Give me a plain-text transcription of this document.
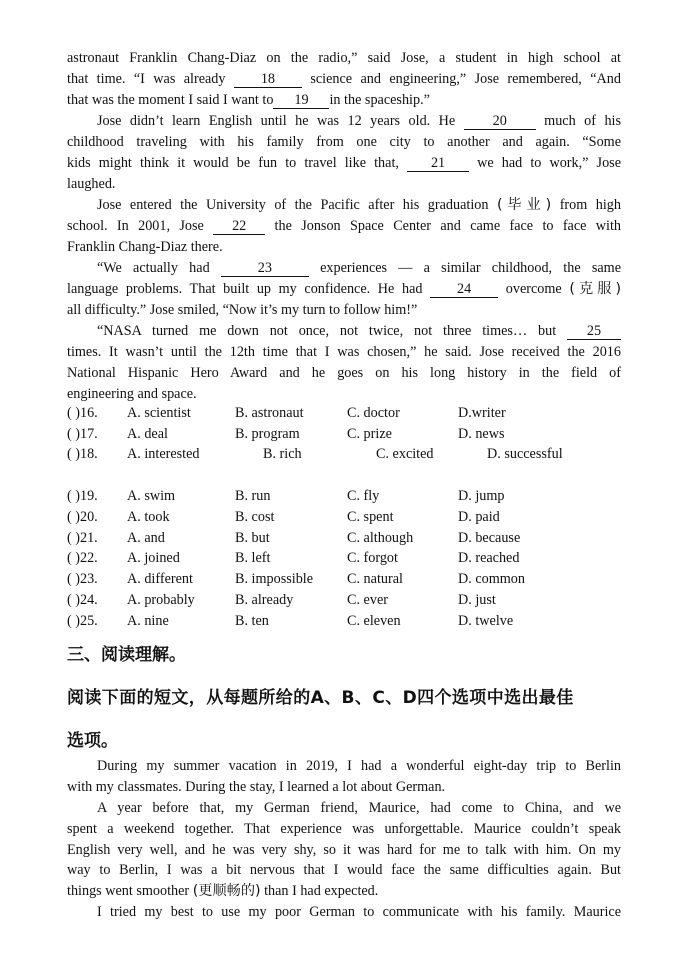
astronaut Franklin Chang-Diaz on the radio,” said Jose, a student in high school at
that time. “I was already 18 science and engineering,” Jose remembered, “And
that was the moment I said I want to 19 in the spaceship.”
Jose didn’t learn English until he was 12 years old. He	20	much of his
childhood traveling with his family from one city to another and again. “Some
kids might think it would be fun to travel like that, 21 we had to work,” Jose
laughed.
Jose entered the University of the Pacific after his graduation (毕业) from high
school. In 2001, Jose 22 the Jonson Space Center and came face to face with
Franklin Chang-Diaz there.
“We actually had	23	experiences — a similar childhood, the same
language problems. That built up my confidence. He had 24 overcome (克服)
all difficulty.” Jose smiled, “Now it’s my turn to follow him!”
“NASA turned me down not once, not twice, not three times… but 25
times. It wasn’t until the 12th time that I was chosen,” he said. Jose received the 2016
National Hispanic Hero Award and he goes on his long history in the field of
engineering and space.
( )16. A. scientist	B. astronaut	C. doctor	D.writer
( )17. A. deal	B. program	C. prize	D. news
( )18. A. interested	B. rich	C. excited	D. successful
( )19. A. swim	B. run	C. fly	D. jump
( )20. A. took	B. cost	C. spent	D. paid
( )21. A. and	B. but	C. although	D. because
( )22. A. joined	B. left	C. forgot	D. reached
( )23. A. different	B. impossible C. natural	D. common
( )24. A. probably	B. already	C. ever	D. just
( )25. A. nine	B. ten	C. eleven	D. twelve
三、阅读理解。
阅读下面的短文，从每题所给的A、B、C、D四个选项中选出最佳
选项。
During my summer vacation in 2019, I had a wonderful eight-day trip to Berlin
with my classmates. During the stay, I learned a lot about German.
A year before that, my German friend, Maurice, had come to China, and we
spent a weekend together. That experience was unforgettable. Maurice couldn’t speak
English very well, and he was very shy, so it was hard for me to talk with him. On my
way to Berlin, I was a bit nervous that I would face the same difficulties again. But
things went smoother (更顺畅的) than I had expected.
I tried my best to use my poor German to communicate with his family. Maurice
